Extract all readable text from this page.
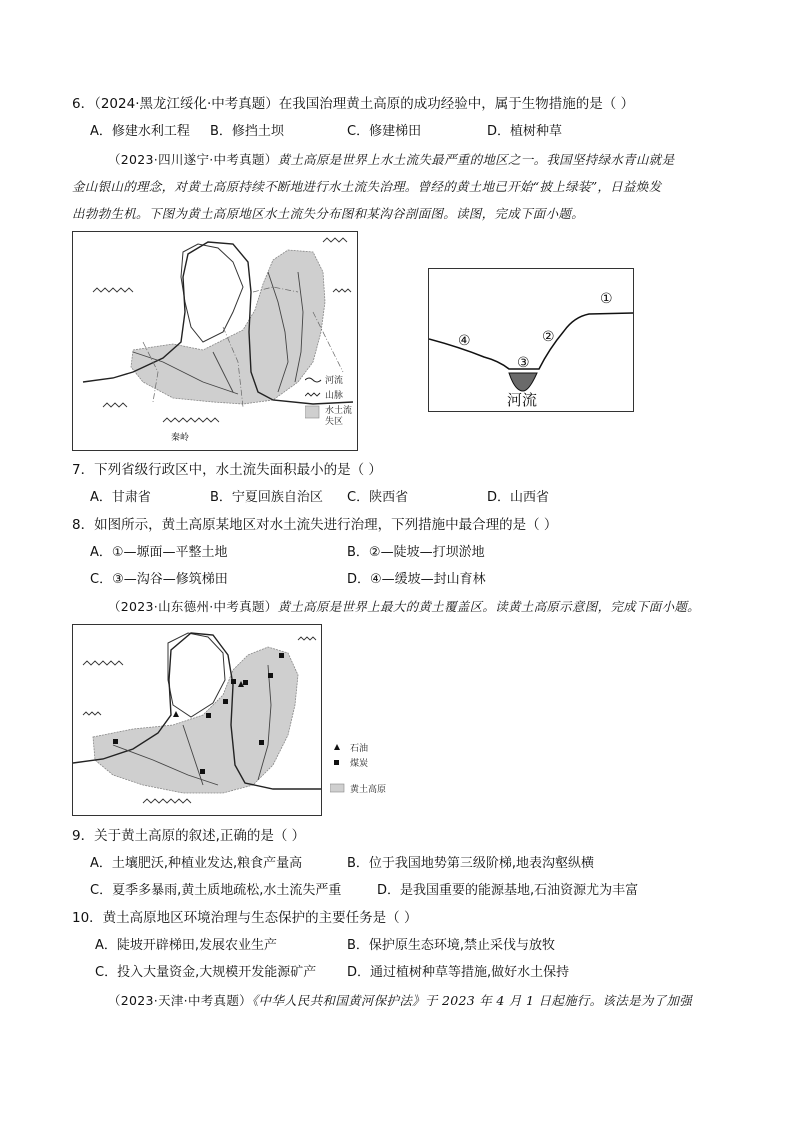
6．（2024·黑龙江绥化·中考真题）在我国治理黄土高原的成功经验中，属于生物措施的是（ ）
A．修建水利工程 B．修挡土坝	C．修建梯田	D．植树种草
（2023·四川遂宁·中考真题）黄土高原是世界上水土流失最严重的地区之一。我国坚持绿水青山就是
金山银山的理念，对黄土高原持续不断地进行水土流失治理。曾经的黄土地已开始“披上绿装”，日益焕发
出勃勃生机。下图为黄土高原地区水土流失分布图和某沟谷剖面图。读图，完成下面小题。
河流
山脉
水土流
失区
秦岭
①
②
③
④
河流
7．下列省级行政区中，水土流失面积最小的是（ ）
A．甘肃省	B．宁夏回族自治区 C．陕西省	D．山西省
8．如图所示，黄土高原某地区对水土流失进行治理，下列措施中最合理的是（ ）
A．①—塬面—平整土地	B．②—陡坡—打坝淤地
C．③—沟谷—修筑梯田	D．④—缓坡—封山育林
（2023·山东德州·中考真题）黄土高原是世界上最大的黄土覆盖区。读黄土高原示意图，完成下面小题。
石油
煤炭
黄土高原
9．关于黄土高原的叙述,正确的是（ ）
A．土壤肥沃,种植业发达,粮食产量高	B．位于我国地势第三级阶梯,地表沟壑纵横
C．夏季多暴雨,黄土质地疏松,水土流失严重	D．是我国重要的能源基地,石油资源尤为丰富
10．黄土高原地区环境治理与生态保护的主要任务是（ ）
A．陡坡开辟梯田,发展农业生产	B．保护原生态环境,禁止采伐与放牧
C．投入大量资金,大规模开发能源矿产 D．通过植树种草等措施,做好水土保持
（2023·天津·中考真题）《中华人民共和国黄河保护法》于 2023 年 4 月 1 日起施行。该法是为了加强
